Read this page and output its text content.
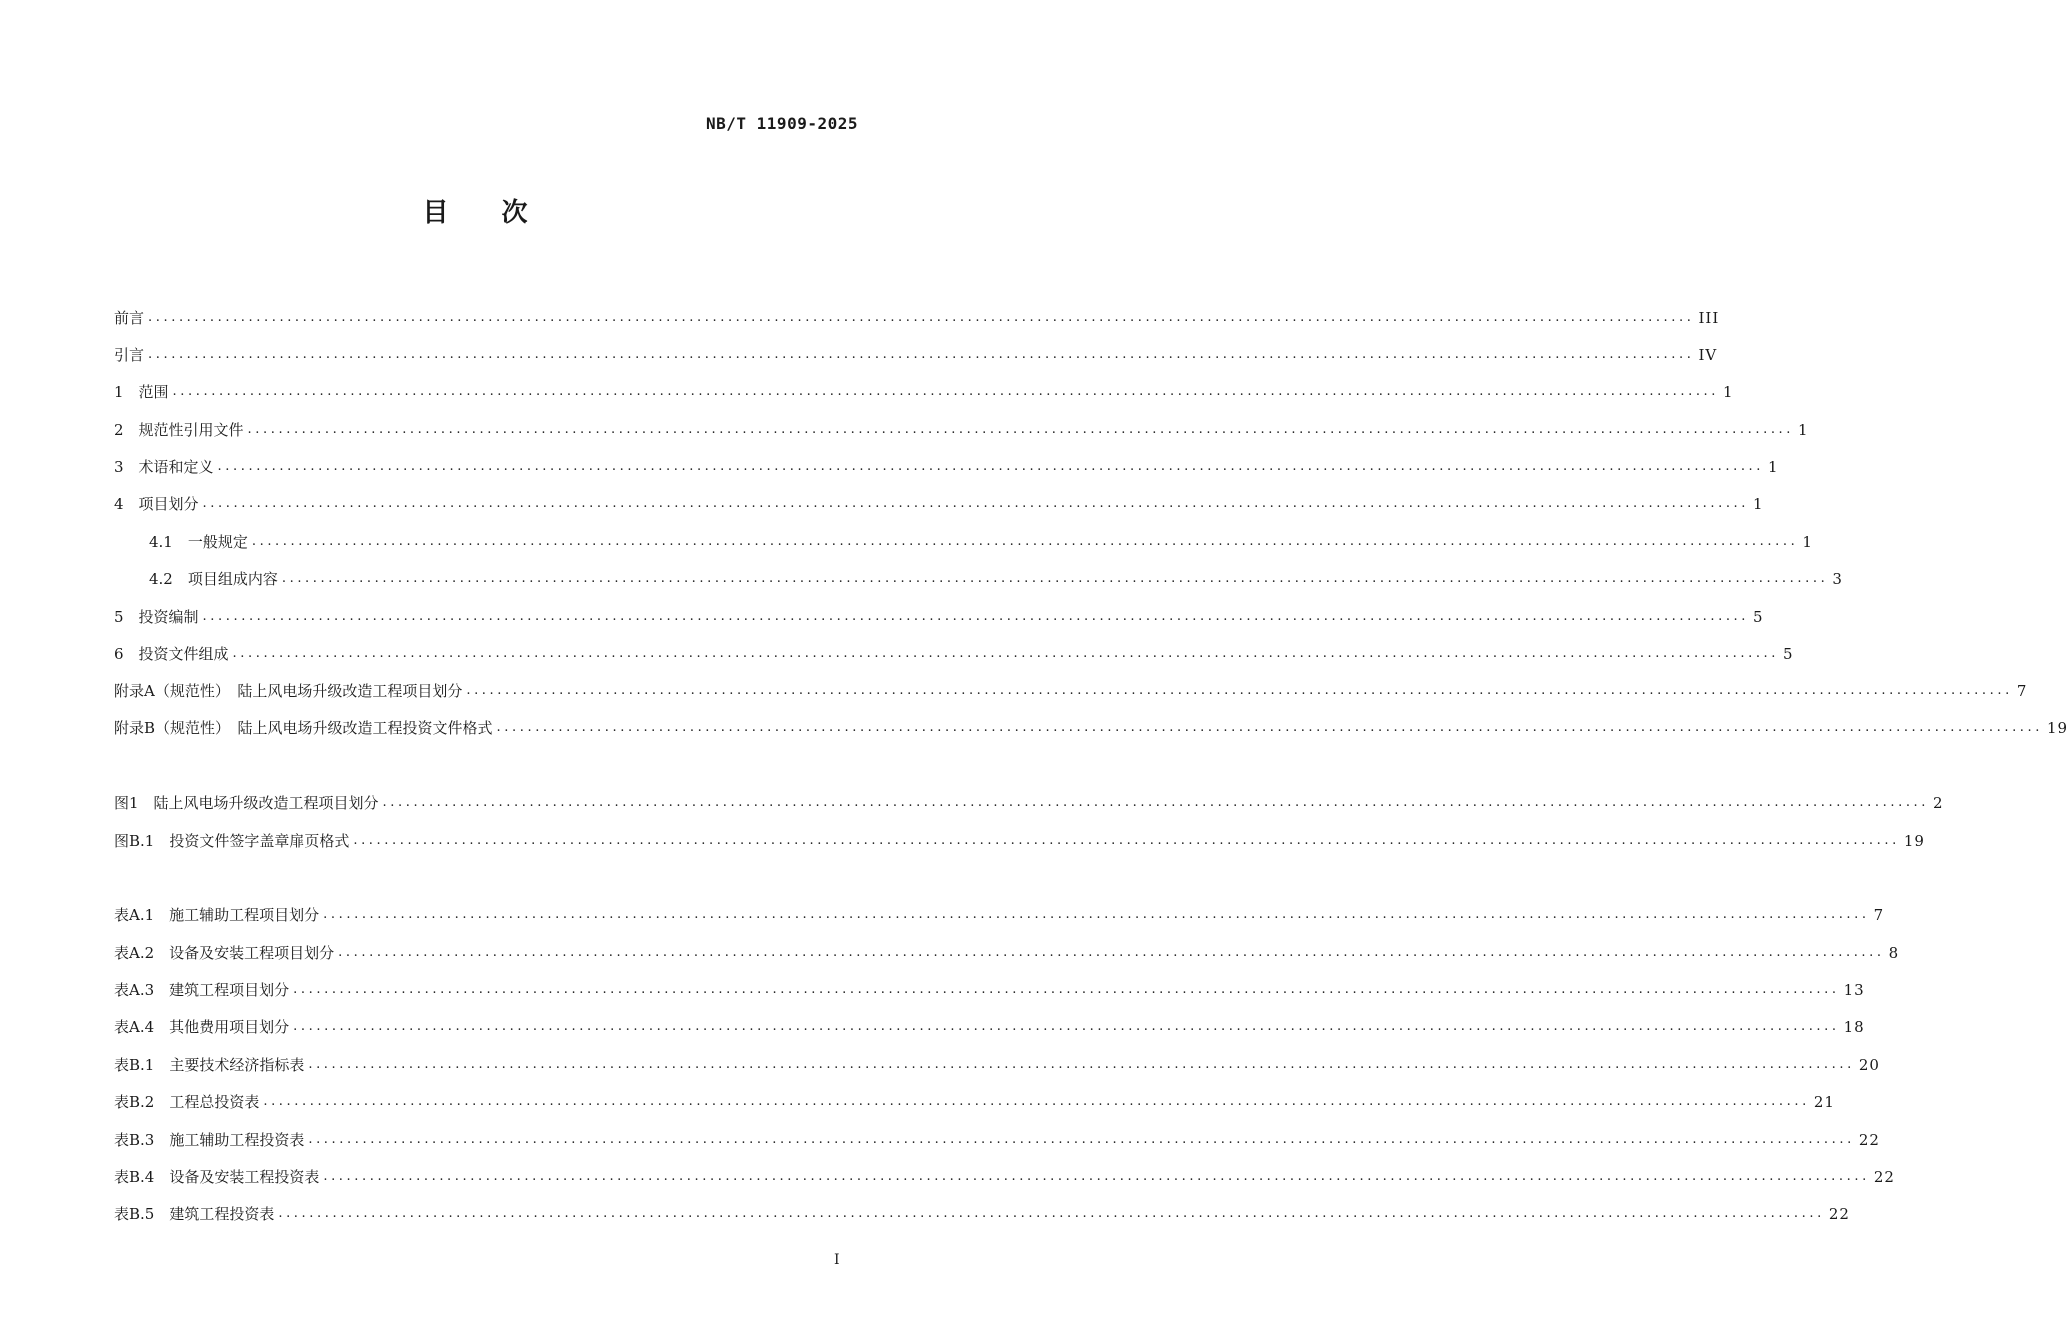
NB/T 11909-2025
目 次
前言 ........................................................................................................................................................................................................ III
引言 ........................................................................................................................................................................................................ IV
1　范围 ........................................................................................................................................................................................................ 1
2　规范性引用文件 ........................................................................................................................................................................................................ 1
3　术语和定义 ........................................................................................................................................................................................................ 1
4　项目划分 ........................................................................................................................................................................................................ 1
4.1　一般规定 ........................................................................................................................................................................................................ 1
4.2　项目组成内容 ........................................................................................................................................................................................................ 3
5　投资编制 ........................................................................................................................................................................................................ 5
6　投资文件组成 ........................................................................................................................................................................................................ 5
附录A（规范性）　陆上风电场升级改造工程项目划分 ........................................................................................................................................................................................................ 7
附录B（规范性）　陆上风电场升级改造工程投资文件格式 ........................................................................................................................................................................................................ 19
图1　陆上风电场升级改造工程项目划分 ........................................................................................................................................................................................................ 2
图B.1　投资文件签字盖章扉页格式 ........................................................................................................................................................................................................ 19
表A.1　施工辅助工程项目划分 ........................................................................................................................................................................................................ 7
表A.2　设备及安装工程项目划分 ........................................................................................................................................................................................................ 8
表A.3　建筑工程项目划分 ........................................................................................................................................................................................................ 13
表A.4　其他费用项目划分 ........................................................................................................................................................................................................ 18
表B.1　主要技术经济指标表 ........................................................................................................................................................................................................ 20
表B.2　工程总投资表 ........................................................................................................................................................................................................ 21
表B.3　施工辅助工程投资表 ........................................................................................................................................................................................................ 22
表B.4　设备及安装工程投资表 ........................................................................................................................................................................................................ 22
表B.5　建筑工程投资表 ........................................................................................................................................................................................................ 22
I
